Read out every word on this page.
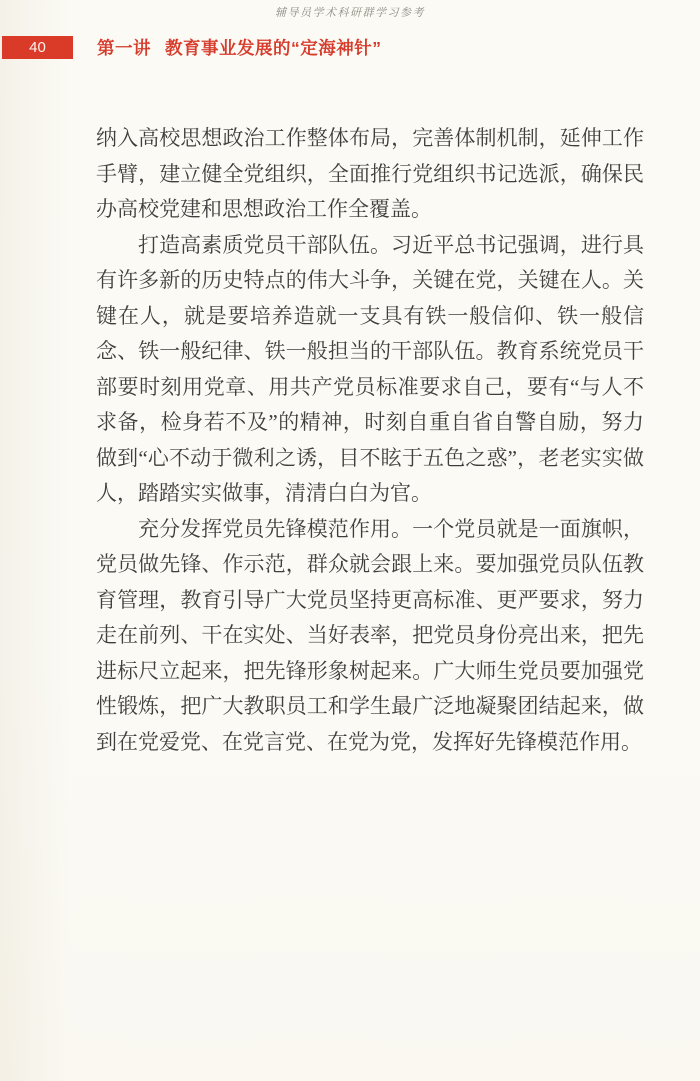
辅导员学术科研群学习参考
40	第一讲 教育事业发展的“定海神针”

纳入高校思想政治工作整体布局，完善体制机制，延伸工作手臂，建立健全党组织，全面推行党组织书记选派，确保民办高校党建和思想政治工作全覆盖。

打造高素质党员干部队伍。习近平总书记强调，进行具有许多新的历史特点的伟大斗争，关键在党，关键在人。关键在人，就是要培养造就一支具有铁一般信仰、铁一般信念、铁一般纪律、铁一般担当的干部队伍。教育系统党员干部要时刻用党章、用共产党员标准要求自己，要有“与人不求备，检身若不及”的精神，时刻自重自省自警自励，努力做到“心不动于微利之诱，目不眩于五色之惑”，老老实实做人，踏踏实实做事，清清白白为官。

充分发挥党员先锋模范作用。一个党员就是一面旗帜，党员做先锋、作示范，群众就会跟上来。要加强党员队伍教育管理，教育引导广大党员坚持更高标准、更严要求，努力走在前列、干在实处、当好表率，把党员身份亮出来，把先进标尺立起来，把先锋形象树起来。广大师生党员要加强党性锻炼，把广大教职员工和学生最广泛地凝聚团结起来，做到在党爱党、在党言党、在党为党，发挥好先锋模范作用。
